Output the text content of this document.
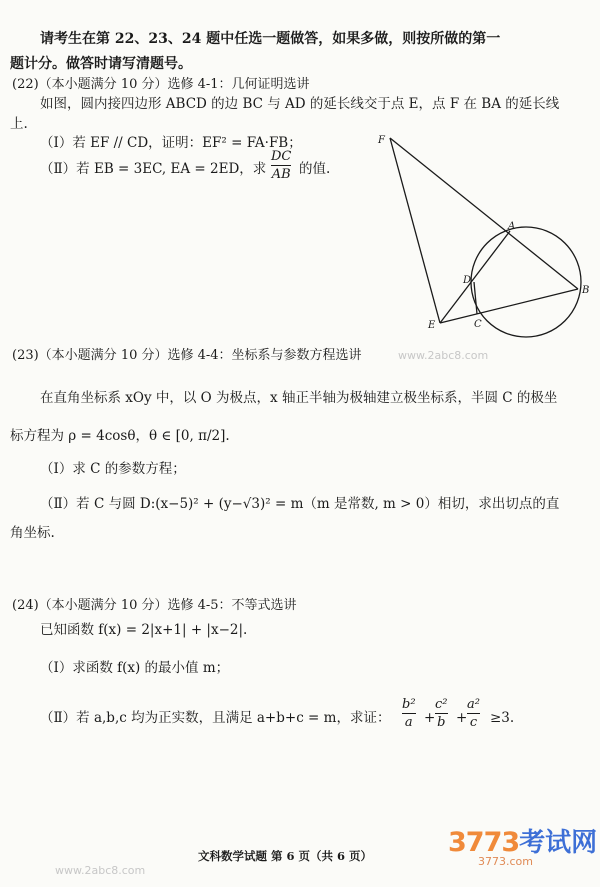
请考生在第 22、23、24 题中任选一题做答，如果多做，则按所做的第一
题计分。做答时请写清题号。
(22)（本小题满分 10 分）选修 4-1：几何证明选讲
如图，圆内接四边形 ABCD 的边 BC 与 AD 的延长线交于点 E，点 F 在 BA 的延长线
上.
（Ⅰ）若 EF // CD，证明：EF² = FA·FB；
（Ⅱ）若 EB = 3EC, EA = 2ED，求
DC
AB 的值.
F
A
B
D
C
E
(23)（本小题满分 10 分）选修 4-4：坐标系与参数方程选讲	www.2abc8.com
在直角坐标系 xOy 中，以 O 为极点，x 轴正半轴为极轴建立极坐标系，半圆 C 的极坐
标方程为 ρ = 4cosθ，θ ∈ [0, π/2].
（Ⅰ）求 C 的参数方程；
（Ⅱ）若 C 与圆 D:(x−5)² + (y−√3)² = m（m 是常数, m > 0）相切，求出切点的直
角坐标.
(24)（本小题满分 10 分）选修 4-5：不等式选讲
已知函数 f(x) = 2|x+1| + |x−2|.
（Ⅰ）求函数 f(x) 的最小值 m；
（Ⅱ）若 a,b,c 均为正实数，且满足 a+b+c = m，求证：
b²
a +
c²
b +
a²
c ≥3.
文科数学试题 第 6 页（共 6 页）
www.2abc8.com
3773考试网
3773.com
